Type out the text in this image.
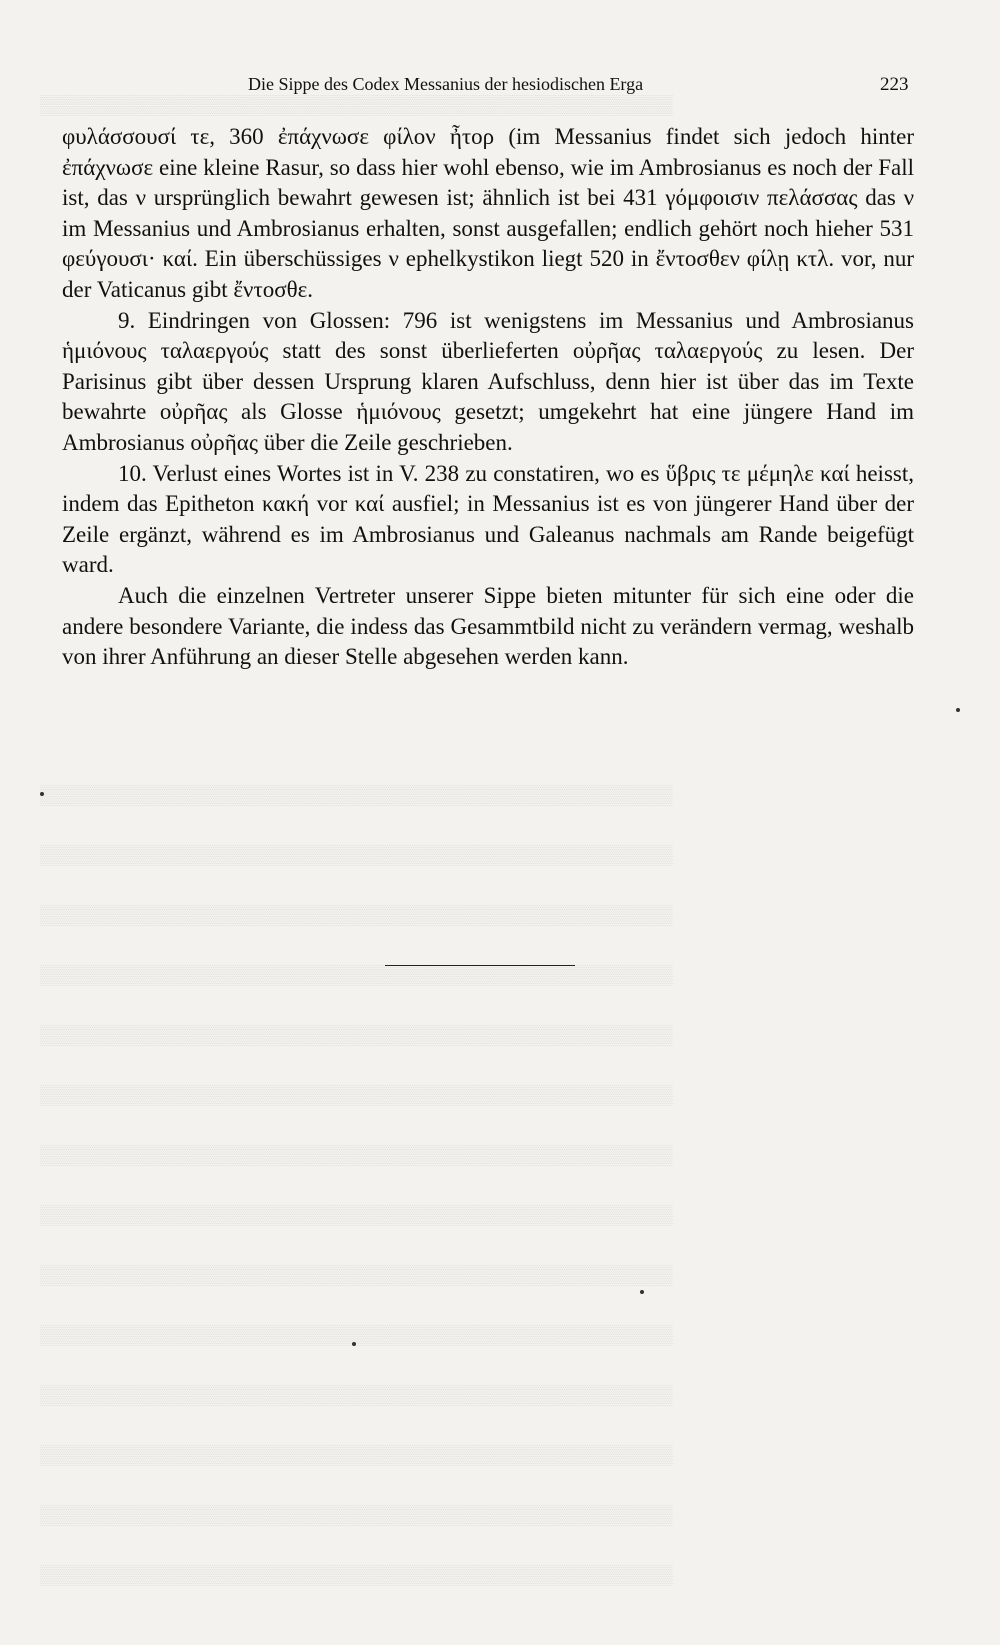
▒▒▒▒▒▒▒▒▒▒▒▒▒▒▒▒▒▒▒▒▒▒▒▒▒▒▒▒▒▒▒▒▒▒▒▒▒▒▒▒▒▒▒▒▒▒▒
▒▒▒▒▒▒▒▒▒▒▒▒▒▒▒▒▒▒▒▒▒▒▒▒▒▒▒▒▒▒▒▒▒▒▒▒▒▒▒▒▒▒▒▒▒▒▒
▒▒▒▒▒▒▒▒▒▒▒▒▒▒▒▒▒▒▒▒▒▒▒▒▒▒▒▒▒▒▒▒▒▒▒▒▒▒▒▒▒▒▒▒▒▒▒
▒▒▒▒▒▒▒▒▒▒▒▒▒▒▒▒▒▒▒▒▒▒▒▒▒▒▒▒▒▒▒▒▒▒▒▒▒▒▒▒▒▒▒▒▒▒▒
▒▒▒▒▒▒▒▒▒▒▒▒▒▒▒▒▒▒▒▒▒▒▒▒▒▒▒▒▒▒▒▒▒▒▒▒▒▒▒▒▒▒▒▒▒▒▒
▒▒▒▒▒▒▒▒▒▒▒▒▒▒▒▒▒▒▒▒▒▒▒▒▒▒▒▒▒▒▒▒▒▒▒▒▒▒▒▒▒▒▒▒▒▒▒
▒▒▒▒▒▒▒▒▒▒▒▒▒▒▒▒▒▒▒▒▒▒▒▒▒▒▒▒▒▒▒▒▒▒▒▒▒▒▒▒▒▒▒▒▒▒▒
▒▒▒▒▒▒▒▒▒▒▒▒▒▒▒▒▒▒▒▒▒▒▒▒▒▒▒▒▒▒▒▒▒▒▒▒▒▒▒▒▒▒▒▒▒▒▒
▒▒▒▒▒▒▒▒▒▒▒▒▒▒▒▒▒▒▒▒▒▒▒▒▒▒▒▒▒▒▒▒▒▒▒▒▒▒▒▒▒▒▒▒▒▒▒
▒▒▒▒▒▒▒▒▒▒▒▒▒▒▒▒▒▒▒▒▒▒▒▒▒▒▒▒▒▒▒▒▒▒▒▒▒▒▒▒▒▒▒▒▒▒▒
▒▒▒▒▒▒▒▒▒▒▒▒▒▒▒▒▒▒▒▒▒▒▒▒▒▒▒▒▒▒▒▒▒▒▒▒▒▒▒▒▒▒▒▒▒▒▒
▒▒▒▒▒▒▒▒▒▒▒▒▒▒▒▒▒▒▒▒▒▒▒▒▒▒▒▒▒▒▒▒▒▒▒▒▒▒▒▒▒▒▒▒▒▒▒
▒▒▒▒▒▒▒▒▒▒▒▒▒▒▒▒▒▒▒▒▒▒▒▒▒▒▒▒▒▒▒▒▒▒▒▒▒▒▒▒▒▒▒▒▒▒▒
▒▒▒▒▒▒▒▒▒▒▒▒▒▒▒▒▒▒▒▒▒▒▒▒▒▒▒▒▒▒▒▒▒▒▒▒▒▒▒▒▒▒▒▒▒▒▒
▒▒▒▒▒▒▒▒▒▒▒▒▒▒▒▒▒▒▒▒▒▒▒▒▒▒▒▒▒▒▒▒▒▒▒▒▒▒▒▒▒▒▒▒▒▒▒
Die Sippe des Codex Messanius der hesiodischen Erga	223

φυλάσσουσί τε, 360 ἐπάχνωσε φίλον ἦτορ (im Messanius findet sich jedoch hinter ἐπάχνωσε eine kleine Rasur, so dass hier wohl ebenso, wie im Ambrosianus es noch der Fall ist, das ν ursprünglich bewahrt gewesen ist; ähnlich ist bei 431 γόμφοισιν πελάσσας das ν im Messanius und Ambrosianus erhalten, sonst ausgefallen; endlich gehört noch hieher 531 φεύγουσι· καί. Ein überschüssiges ν ephelkystikon liegt 520 in ἔντοσθεν φίλῃ κτλ. vor, nur der Vaticanus gibt ἔντοσθε.

9. Eindringen von Glossen: 796 ist wenigstens im Messanius und Ambrosianus ἡμιόνους ταλαεργούς statt des sonst überlieferten οὐρῆας ταλαεργούς zu lesen. Der Parisinus gibt über dessen Ursprung klaren Aufschluss, denn hier ist über das im Texte bewahrte οὐρῆας als Glosse ἡμιόνους gesetzt; umgekehrt hat eine jüngere Hand im Ambrosianus οὐρῆας über die Zeile geschrieben.

10. Verlust eines Wortes ist in V. 238 zu constatiren, wo es ὕβρις τε μέμηλε καί heisst, indem das Epitheton κακή vor καί ausfiel; in Messanius ist es von jüngerer Hand über der Zeile ergänzt, während es im Ambrosianus und Galeanus nachmals am Rande beigefügt ward.

Auch die einzelnen Vertreter unserer Sippe bieten mitunter für sich eine oder die andere besondere Variante, die indess das Gesammtbild nicht zu verändern vermag, weshalb von ihrer Anführung an dieser Stelle abgesehen werden kann.
